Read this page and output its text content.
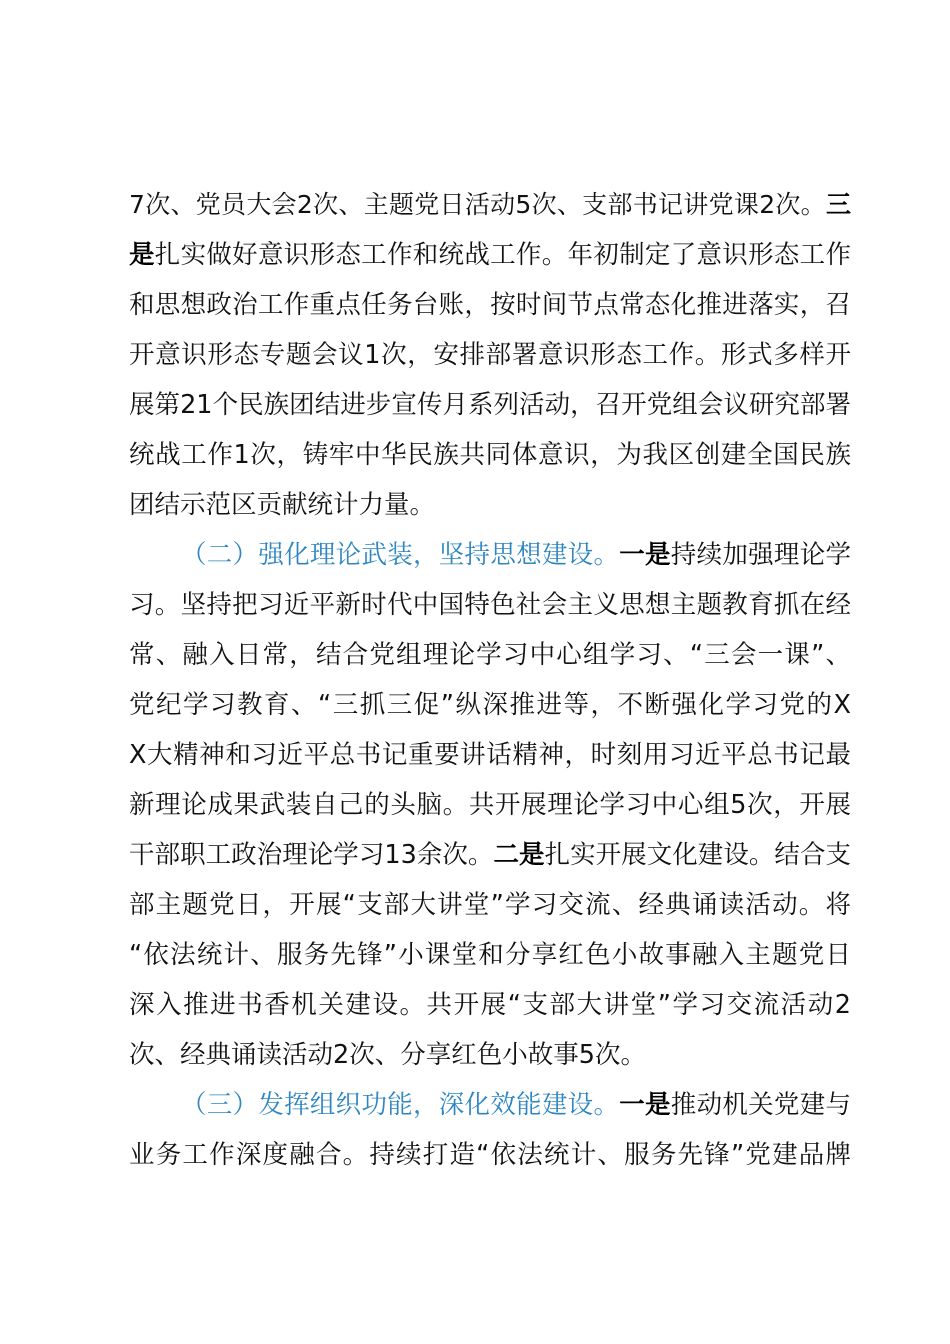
7次、党员大会2次、主题党日活动5次、支部书记讲党课2次。三
是扎实做好意识形态工作和统战工作。年初制定了意识形态工作
和思想政治工作重点任务台账，按时间节点常态化推进落实，召
开意识形态专题会议1次，安排部署意识形态工作。形式多样开
展第21个民族团结进步宣传月系列活动，召开党组会议研究部署
统战工作1次，铸牢中华民族共同体意识，为我区创建全国民族
团结示范区贡献统计力量。
（二）强化理论武装，坚持思想建设。一是持续加强理论学
习。坚持把习近平新时代中国特色社会主义思想主题教育抓在经
常、融入日常，结合党组理论学习中心组学习、“三会一课”、
党纪学习教育、“三抓三促”纵深推进等，不断强化学习党的X
X大精神和习近平总书记重要讲话精神，时刻用习近平总书记最
新理论成果武装自己的头脑。共开展理论学习中心组5次，开展
干部职工政治理论学习13余次。二是扎实开展文化建设。结合支
部主题党日，开展“支部大讲堂”学习交流、经典诵读活动。将
“依法统计、服务先锋”小课堂和分享红色小故事融入主题党日
深入推进书香机关建设。共开展“支部大讲堂”学习交流活动2
次、经典诵读活动2次、分享红色小故事5次。
（三）发挥组织功能，深化效能建设。一是推动机关党建与
业务工作深度融合。持续打造“依法统计、服务先锋”党建品牌
